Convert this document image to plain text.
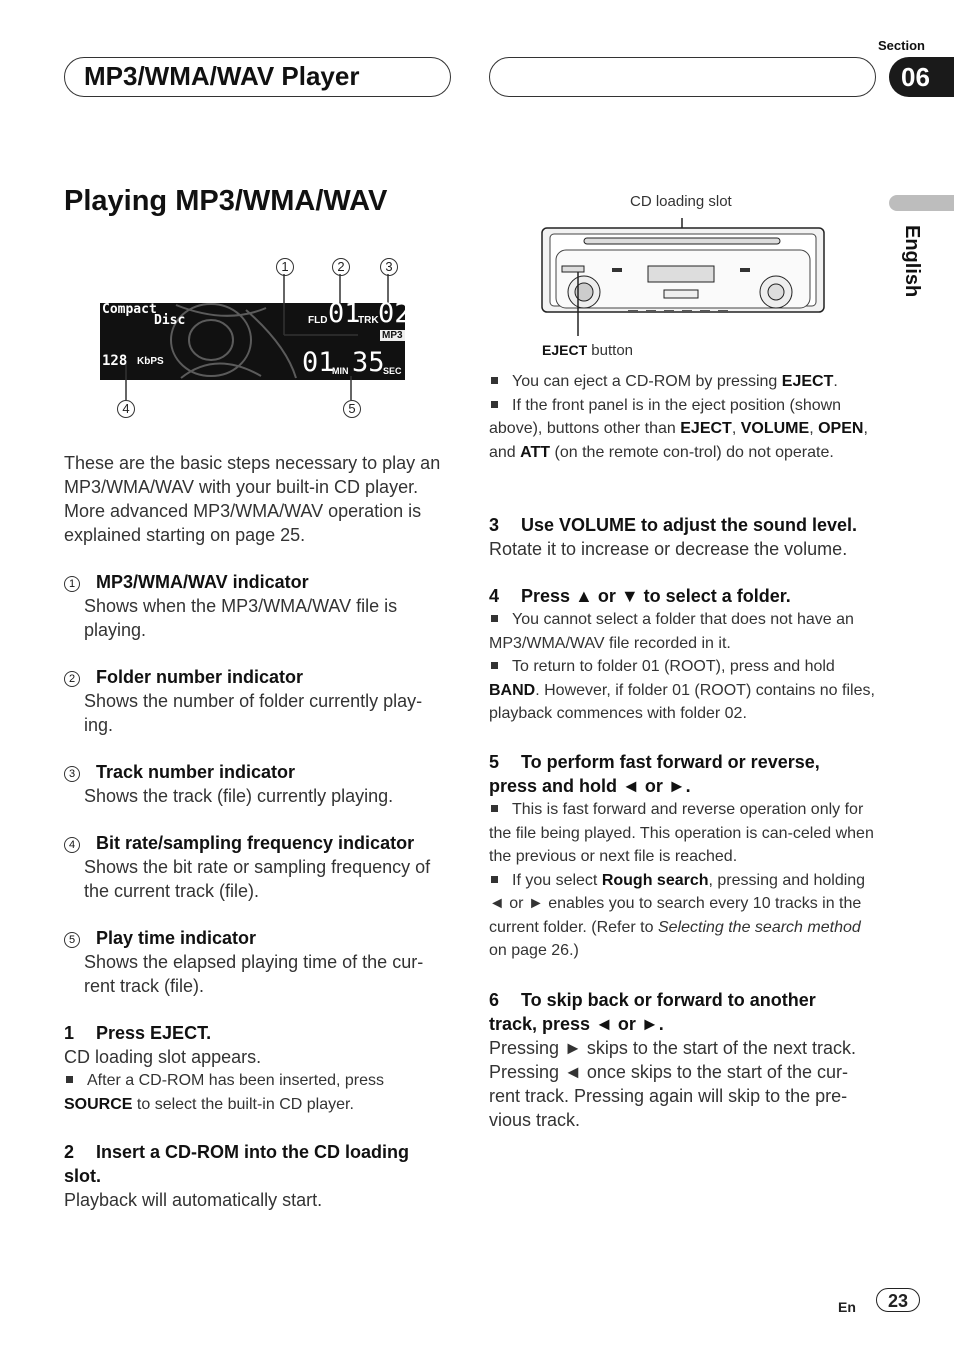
MP3/WMA/WAV Player
Section
06
English
Playing MP3/WMA/WAV
1	2	3
4	5
Compact
Disc	FLD 01
TRK 02
MP3
128 KbPS	01
MIN 35
SEC
These are the basic steps necessary to play an MP3/WMA/WAV with your built-in CD player. More advanced MP3/WMA/WAV operation is explained starting on page 25.
1 MP3/WMA/WAV indicator
Shows when the MP3/WMA/WAV file is
playing.
2 Folder number indicator
Shows the number of folder currently play-
ing.
3 Track number indicator
Shows the track (file) currently playing.
4 Bit rate/sampling frequency indicator
Shows the bit rate or sampling frequency of
the current track (file).
5 Play time indicator
Shows the elapsed playing time of the cur-
rent track (file).
1 Press EJECT.
CD loading slot appears.
After a CD-ROM has been inserted, press
SOURCE to select the built-in CD player.
2 Insert a CD-ROM into the CD loading
slot.
Playback will automatically start.
CD loading slot
EJECT button
You can eject a CD-ROM by pressing EJECT.
If the front panel is in the eject position (shown above), buttons other than EJECT, VOLUME, OPEN, and ATT (on the remote con-trol) do not operate.
3 Use VOLUME to adjust the sound level.
Rotate it to increase or decrease the volume.
4 Press ▲ or ▼ to select a folder.
You cannot select a folder that does not have an MP3/WMA/WAV file recorded in it.
To return to folder 01 (ROOT), press and hold BAND. However, if folder 01 (ROOT) contains no files, playback commences with folder 02.
5 To perform fast forward or reverse,
press and hold ◄ or ►.
This is fast forward and reverse operation only for the file being played. This operation is can-celed when the previous or next file is reached.
If you select Rough search, pressing and holding ◄ or ► enables you to search every 10 tracks in the current folder. (Refer to Selecting the search method on page 26.)
6 To skip back or forward to another
track, press ◄ or ►.
Pressing ► skips to the start of the next track. Pressing ◄ once skips to the start of the cur-rent track. Pressing again will skip to the pre-vious track.
En	23
